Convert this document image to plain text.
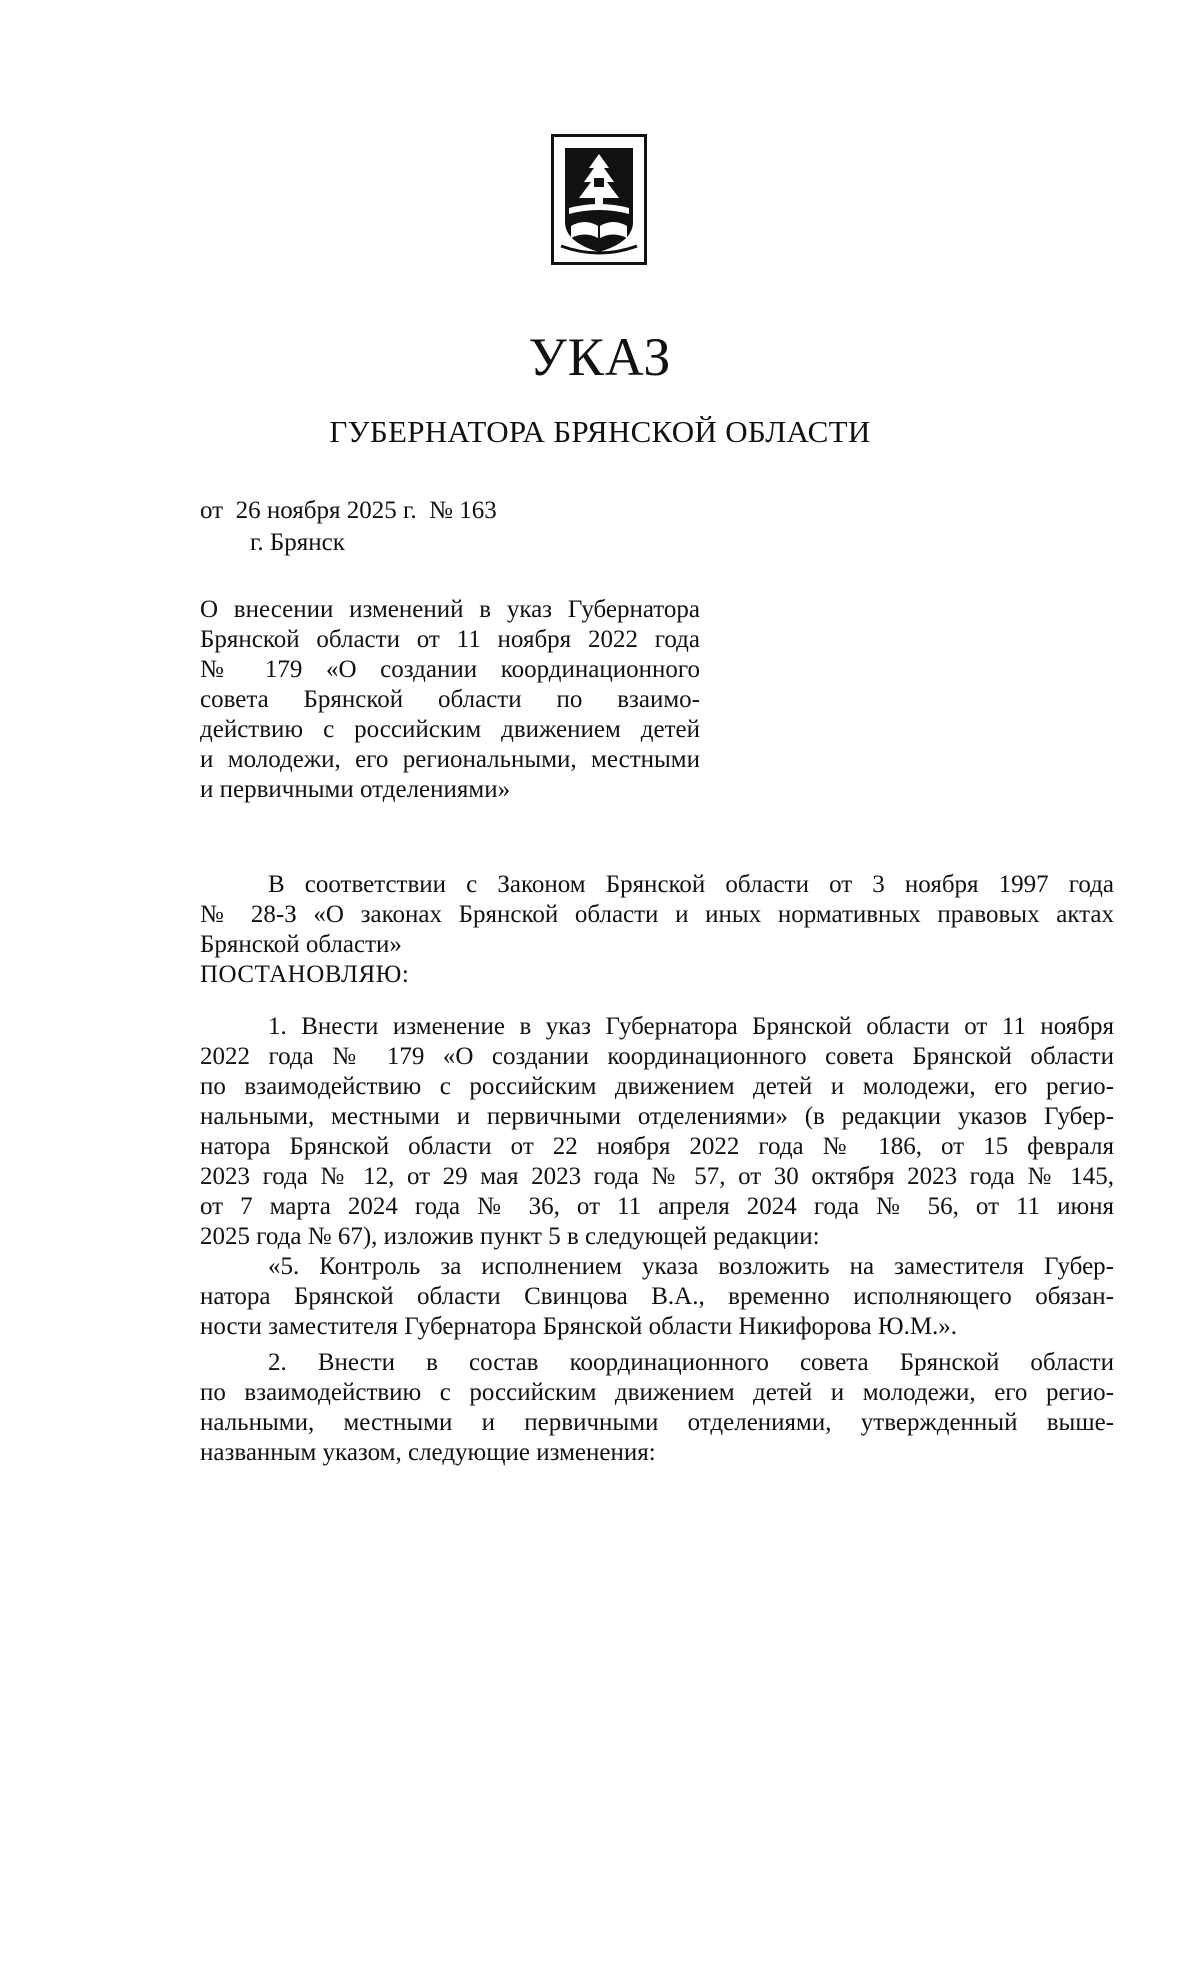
УКАЗ
ГУБЕРНАТОРА БРЯНСКОЙ ОБЛАСТИ
от  26 ноября 2025 г.  № 163
г. Брянск
О внесении изменений в указ Губернатора
Брянской области от 11 ноября 2022 года
№ 179 «О создании координационного
совета Брянской области по взаимо-
действию с российским движением детей
и молодежи, его региональными, местными
и первичными отделениями»
В соответствии с Законом Брянской области от 3 ноября 1997 года
№ 28-З «О законах Брянской области и иных нормативных правовых актах
Брянской области»
ПОСТАНОВЛЯЮ:
1. Внести изменение в указ Губернатора Брянской области от 11 ноября
2022 года № 179 «О создании координационного совета Брянской области
по взаимодействию с российским движением детей и молодежи, его регио-
нальными, местными и первичными отделениями» (в редакции указов Губер-
натора Брянской области от 22 ноября 2022 года № 186, от 15 февраля
2023 года № 12, от 29 мая 2023 года № 57, от 30 октября 2023 года № 145,
от 7 марта 2024 года № 36, от 11 апреля 2024 года № 56, от 11 июня
2025 года № 67), изложив пункт 5 в следующей редакции:
«5. Контроль за исполнением указа возложить на заместителя Губер-
натора Брянской области Свинцова В.А., временно исполняющего обязан-
ности заместителя Губернатора Брянской области Никифорова Ю.М.».
2. Внести в состав координационного совета Брянской области
по взаимодействию с российским движением детей и молодежи, его регио-
нальными, местными и первичными отделениями, утвержденный выше-
названным указом, следующие изменения:
